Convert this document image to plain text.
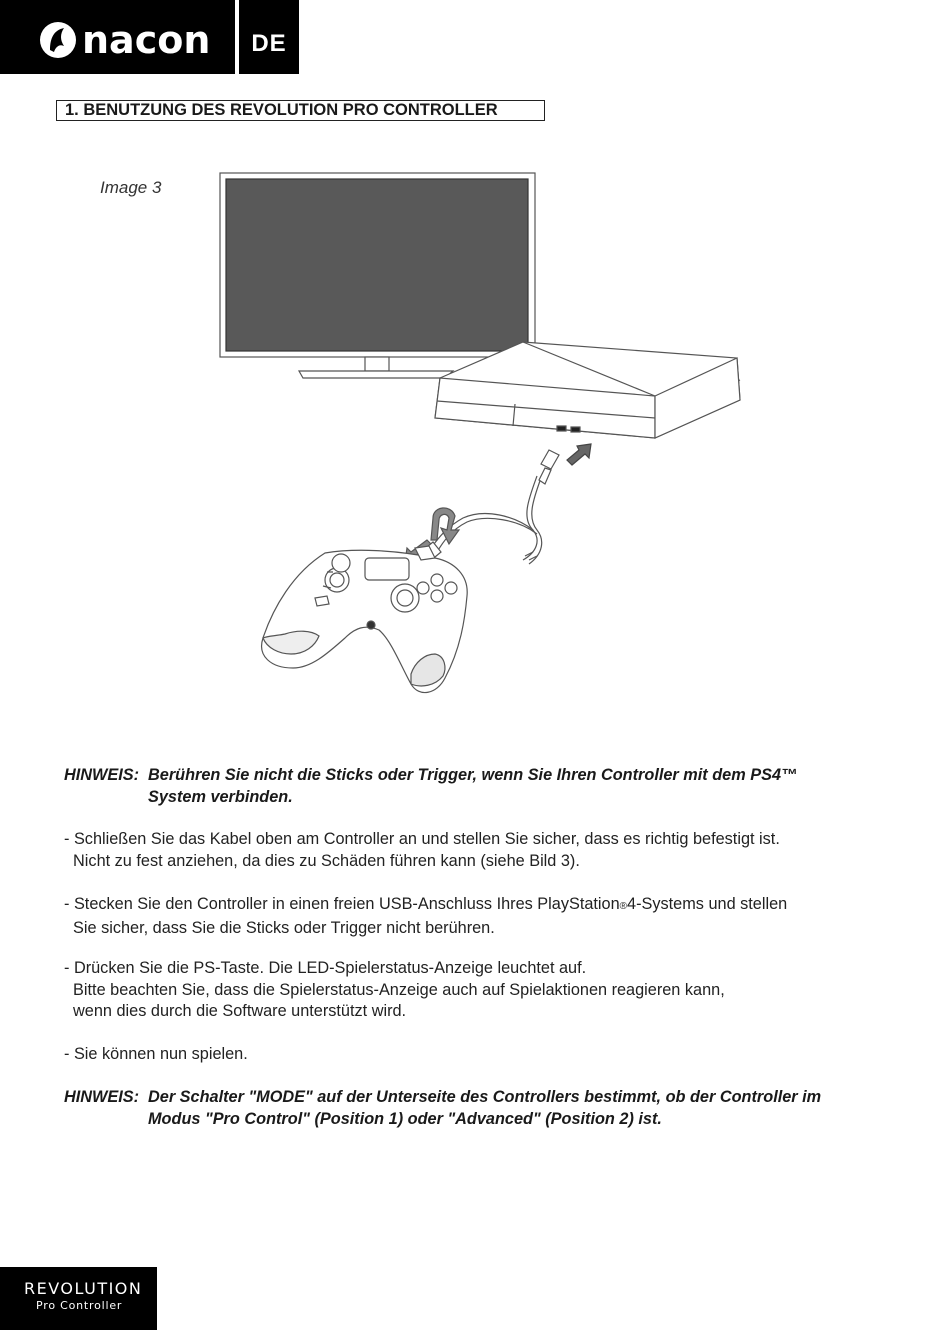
nacon	DE
1. BENUTZUNG DES REVOLUTION PRO CONTROLLER
Image 3
HINWEIS: Berühren Sie nicht die Sticks oder Trigger, wenn Sie Ihren Controller mit dem PS4™
System verbinden.
- Schließen Sie das Kabel oben am Controller an und stellen Sie sicher, dass es richtig befestigt ist.
Nicht zu fest anziehen, da dies zu Schäden führen kann (siehe Bild 3).
- Stecken Sie den Controller in einen freien USB-Anschluss Ihres PlayStation®4-Systems und stellen
Sie sicher, dass Sie die Sticks oder Trigger nicht berühren.
- Drücken Sie die PS-Taste. Die LED-Spielerstatus-Anzeige leuchtet auf.
Bitte beachten Sie, dass die Spielerstatus-Anzeige auch auf Spielaktionen reagieren kann,
wenn dies durch die Software unterstützt wird.
- Sie können nun spielen.
HINWEIS: Der Schalter "MODE" auf der Unterseite des Controllers bestimmt, ob der Controller im
Modus "Pro Control" (Position 1) oder "Advanced" (Position 2) ist.
REVOLUTION
Pro Controller
